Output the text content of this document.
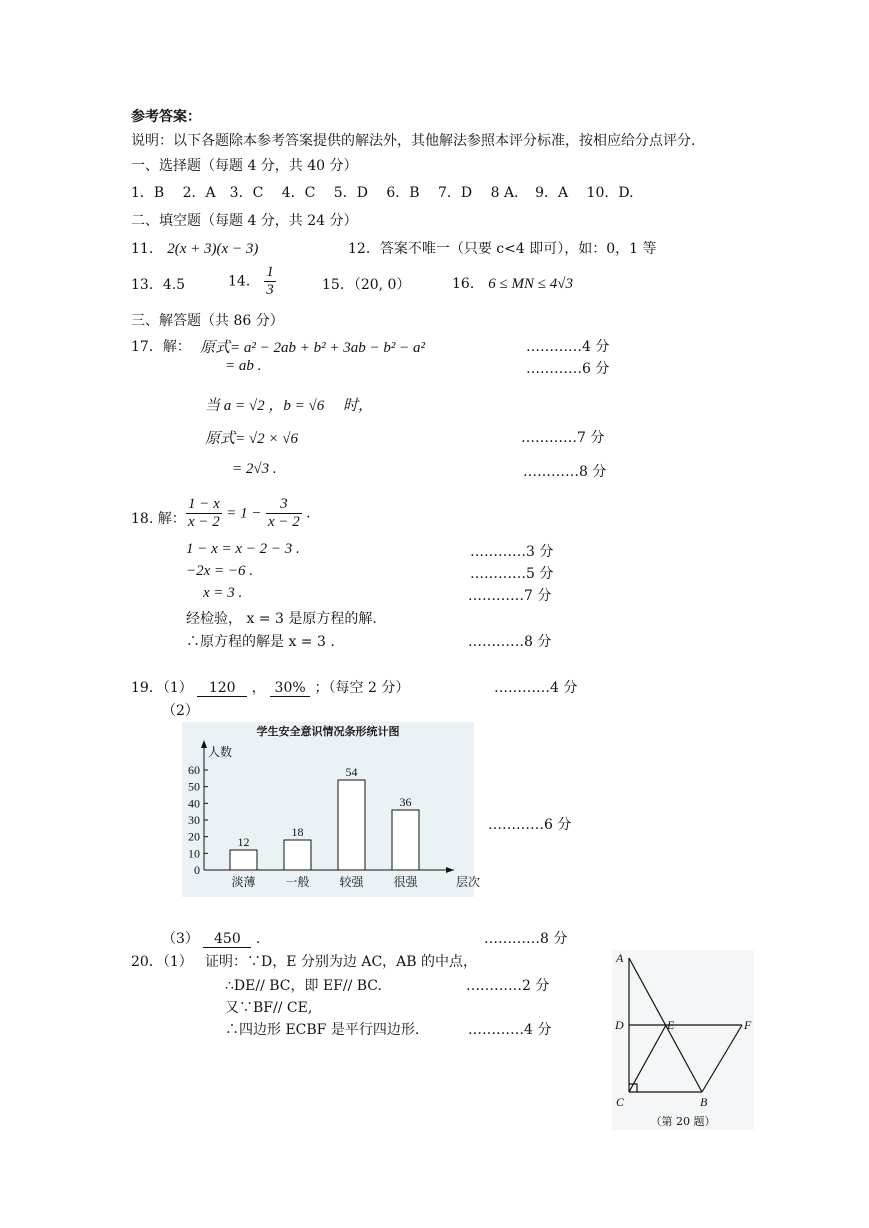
参考答案：
说明：以下各题除本参考答案提供的解法外，其他解法参照本评分标准，按相应给分点评分.
一、选择题（每题 4 分，共 40 分）
1．B　 2．A　3．C　 4．C　 5．D　 6．B　 7．D　 8 A．　9．A　 10．D.
二、填空题（每题 4 分，共 24 分）
11． 2(x + 3)(x − 3)	12．答案不唯一（只要 c<4 即可），如：0，1 等
13．4.5	14． $\frac{1}{3}$	15．（20, 0）	16． 6 ≤ MN ≤ 4√3
三、解答题（共 86 分）
17．解： 原式= a² − 2ab + b² + 3ab − b² − a²	…………4 分
= ab .	…………6 分
当 a = √2 ，b = √6 　时，
原式= √2 × √6	…………7 分
= 2√3 .	…………8 分
18. 解： $\frac{1 - x}{x - 2} = 1 - \frac{3}{x - 2}$ .
1 − x = x − 2 − 3 .	…………3 分
−2x = −6 .	…………5 分
x = 3 .	…………7 分
经检验， x = 3 是原方程的解.
∴原方程的解是 x = 3 .	…………8 分
19．（1） 120 ， 30% ；（每空 2 分）	…………4 分
（2）
学生安全意识情况条形统计图
人数
层次
0
10
20
30
40
50
60
12
淡薄
18
一般
54
较强
36
很强
…………6 分
（3） 450 .	…………8 分
20．（1） 证明：∵D，E 分别为边 AC，AB 的中点，
∴DE// BC，即 EF// BC.	…………2 分
又∵BF// CE,
∴四边形 ECBF 是平行四边形.	…………4 分
A
D	E	F
C	B
（第 20 题）
